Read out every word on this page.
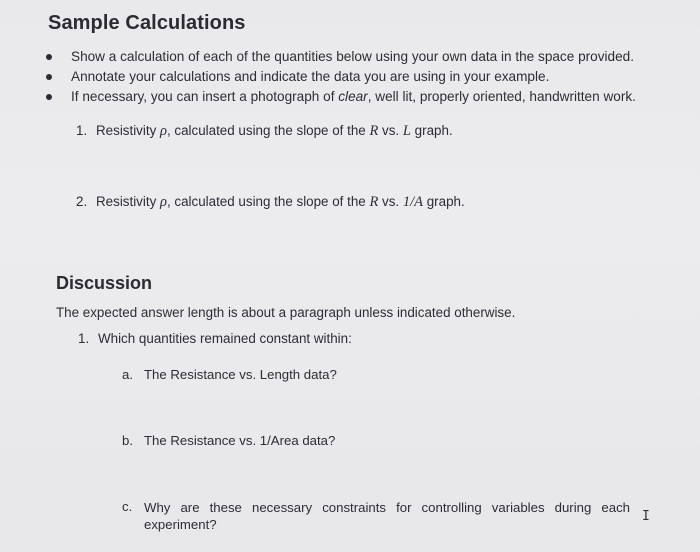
Sample Calculations
Show a calculation of each of the quantities below using your own data in the space provided.
Annotate your calculations and indicate the data you are using in your example.
If necessary, you can insert a photograph of clear, well lit, properly oriented, handwritten work.
1. Resistivity ρ, calculated using the slope of the R vs. L graph.
2. Resistivity ρ, calculated using the slope of the R vs. 1/A graph.
Discussion
The expected answer length is about a paragraph unless indicated otherwise.
1. Which quantities remained constant within:
a. The Resistance vs. Length data?
b. The Resistance vs. 1/Area data?
c. Why are these necessary constraints for controlling variables during each experiment?
I
